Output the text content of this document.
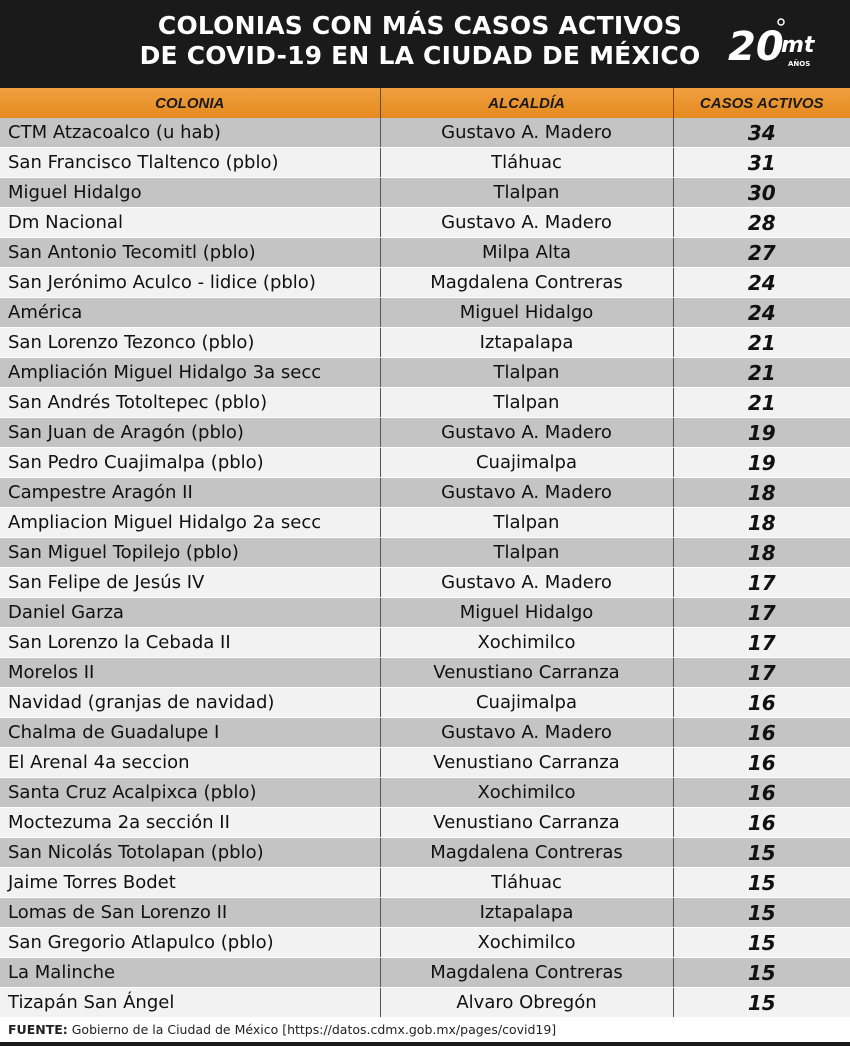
COLONIAS CON MÁS CASOS ACTIVOS
DE COVID-19 EN LA CIUDAD DE MÉXICO 20
mt
AÑOS
COLONIA	ALCALDÍA	CASOS ACTIVOS
CTM Atzacoalco (u hab)	Gustavo A. Madero	34
San Francisco Tlaltenco (pblo)	Tláhuac	31
Miguel Hidalgo	Tlalpan	30
Dm Nacional	Gustavo A. Madero	28
San Antonio Tecomitl (pblo)	Milpa Alta	27
San Jerónimo Aculco - lidice (pblo)	Magdalena Contreras	24
América	Miguel Hidalgo	24
San Lorenzo Tezonco (pblo)	Iztapalapa	21
Ampliación Miguel Hidalgo 3a secc	Tlalpan	21
San Andrés Totoltepec (pblo)	Tlalpan	21
San Juan de Aragón (pblo)	Gustavo A. Madero	19
San Pedro Cuajimalpa (pblo)	Cuajimalpa	19
Campestre Aragón II	Gustavo A. Madero	18
Ampliacion Miguel Hidalgo 2a secc	Tlalpan	18
San Miguel Topilejo (pblo)	Tlalpan	18
San Felipe de Jesús IV	Gustavo A. Madero	17
Daniel Garza	Miguel Hidalgo	17
San Lorenzo la Cebada II	Xochimilco	17
Morelos II	Venustiano Carranza	17
Navidad (granjas de navidad)	Cuajimalpa	16
Chalma de Guadalupe I	Gustavo A. Madero	16
El Arenal 4a seccion	Venustiano Carranza	16
Santa Cruz Acalpixca (pblo)	Xochimilco	16
Moctezuma 2a sección II	Venustiano Carranza	16
San Nicolás Totolapan (pblo)	Magdalena Contreras	15
Jaime Torres Bodet	Tláhuac	15
Lomas de San Lorenzo II	Iztapalapa	15
San Gregorio Atlapulco (pblo)	Xochimilco	15
La Malinche	Magdalena Contreras	15
Tizapán San Ángel	Alvaro Obregón	15
FUENTE: Gobierno de la Ciudad de México [https://datos.cdmx.gob.mx/pages/covid19]
